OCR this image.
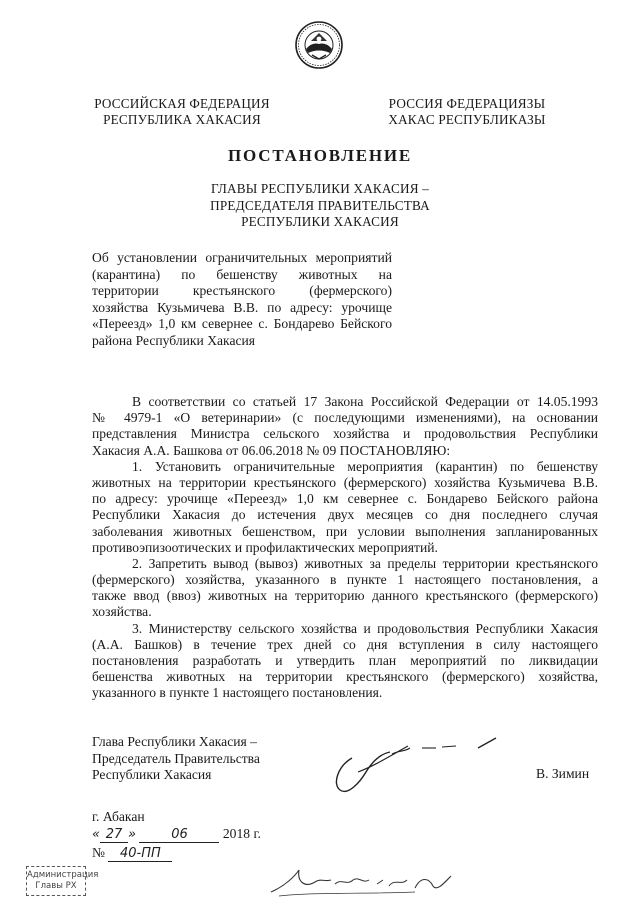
РОССИЙСКАЯ ФЕДЕРАЦИЯ
РЕСПУБЛИКА ХАКАСИЯ
РОССИЯ ФЕДЕРАЦИЯЗЫ
ХАКАС РЕСПУБЛИКАЗЫ
ПОСТАНОВЛЕНИЕ
ГЛАВЫ РЕСПУБЛИКИ ХАКАСИЯ –
ПРЕДСЕДАТЕЛЯ ПРАВИТЕЛЬСТВА
РЕСПУБЛИКИ ХАКАСИЯ
Об установлении ограничительных мероприятий
(карантина) по бешенству животных на
территории крестьянского (фермерского)
хозяйства Кузьмичева В.В. по адресу: урочище
«Переезд» 1,0 км севернее с. Бондарево Бейского
района Республики Хакасия
В соответствии со статьей 17 Закона Российской Федерации от 14.05.1993
№ 4979-1 «О ветеринарии» (с последующими изменениями), на основании
представления Министра сельского хозяйства и продовольствия Республики
Хакасия А.А. Башкова от 06.06.2018 № 09 ПОСТАНОВЛЯЮ:
1. Установить ограничительные мероприятия (карантин) по бешенству
животных на территории крестьянского (фермерского) хозяйства Кузьмичева В.В.
по адресу: урочище «Переезд» 1,0 км севернее с. Бондарево Бейского района
Республики Хакасия до истечения двух месяцев со дня последнего случая
заболевания животных бешенством, при условии выполнения запланированных
противоэпизоотических и профилактических мероприятий.
2. Запретить вывод (вывоз) животных за пределы территории крестьянского
(фермерского) хозяйства, указанного в пункте 1 настоящего постановления, а
также ввод (ввоз) животных на территорию данного крестьянского (фермерского)
хозяйства.
3. Министерству сельского хозяйства и продовольствия Республики Хакасия
(А.А. Башков) в течение трех дней со дня вступления в силу настоящего
постановления разработать и утвердить план мероприятий по ликвидации
бешенства животных на территории крестьянского (фермерского) хозяйства,
указанного в пункте 1 настоящего постановления.
Глава Республики Хакасия –
Председатель Правительства
Республики Хакасия	В. Зимин
г. Абакан
« 27 »	06	2018 г.
№ 40-ПП
Администрация
Главы РХ
